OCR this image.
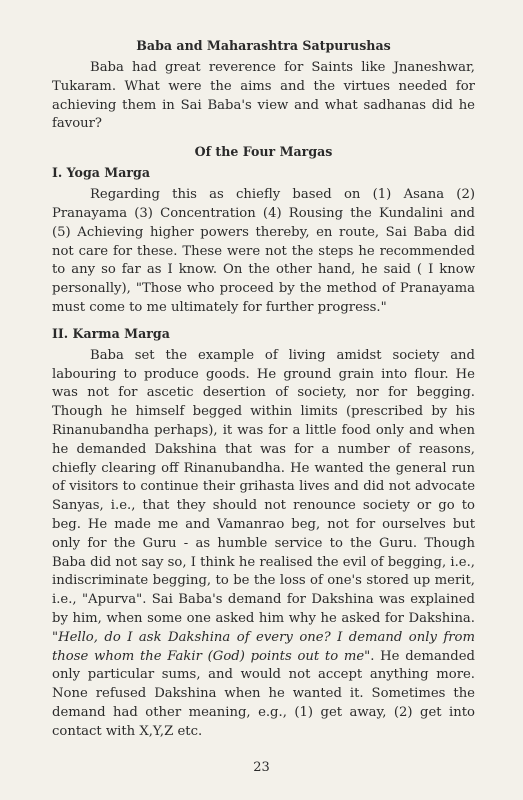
Baba and Maharashtra Satpurushas

Baba had great reverence for Saints like Jnaneshwar, Tukaram. What were the aims and the virtues needed for achieving them in Sai Baba's view and what sadhanas did he favour?

Of the Four Margas
I. Yoga Marga

Regarding this as chiefly based on (1) Asana (2) Pranayama (3) Concentration (4) Rousing the Kundalini and (5) Achieving higher powers thereby, en route, Sai Baba did not care for these. These were not the steps he recommended to any so far as I know. On the other hand, he said ( I know personally), "Those who proceed by the method of Pranayama must come to me ultimately for further progress."

II. Karma Marga

Baba set the example of living amidst society and labouring to produce goods. He ground grain into flour. He was not for ascetic desertion of society, nor for begging. Though he himself begged within limits (prescribed by his Rinanubandha perhaps), it was for a little food only and when he demanded Dakshina that was for a number of reasons, chiefly clearing off Rinanubandha. He wanted the general run of visitors to continue their grihasta lives and did not advocate Sanyas, i.e., that they should not renounce society or go to beg. He made me and Vamanrao beg, not for ourselves but only for the Guru - as humble service to the Guru. Though Baba did not say so, I think he realised the evil of begging, i.e., indiscriminate begging, to be the loss of one's stored up merit, i.e., "Apurva". Sai Baba's demand for Dakshina was explained by him, when some one asked him why he asked for Dakshina. "Hello, do I ask Dakshina of every one? I demand only from those whom the Fakir (God) points out to me". He demanded only particular sums, and would not accept anything more. None refused Dakshina when he wanted it. Sometimes the demand had other meaning, e.g., (1) get away, (2) get into contact with X,Y,Z etc.

23
